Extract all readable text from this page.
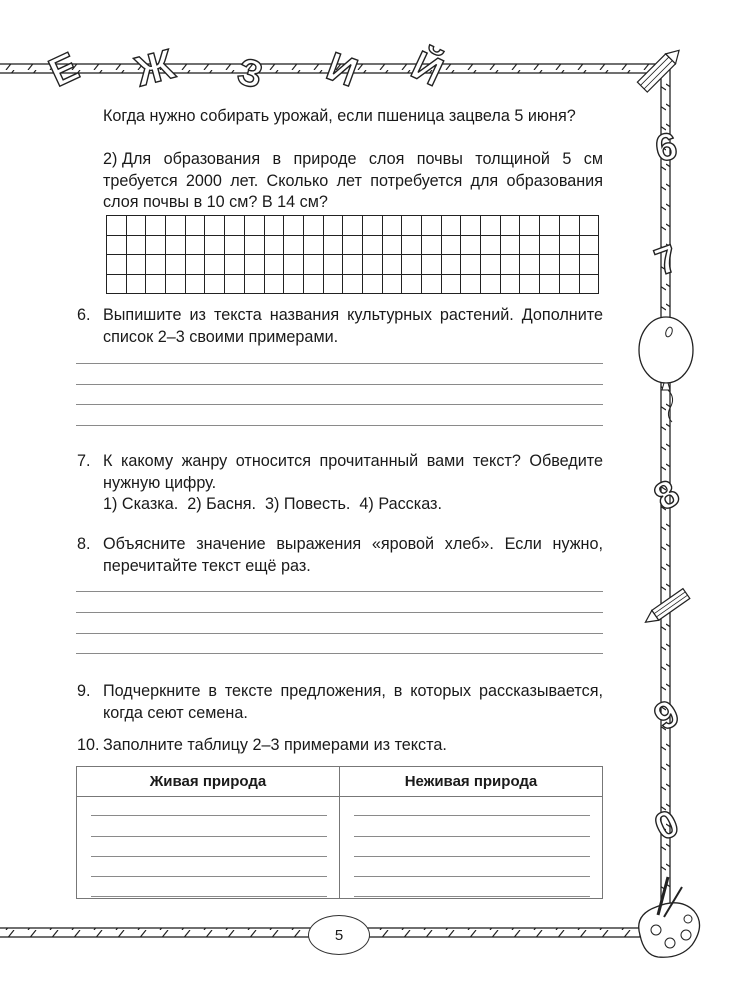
Е Ж З И Й
6
7
8
9
0
Когда нужно собирать урожай, если пшеница зацвела 5 июня?
2) Для образования в природе слоя почвы толщиной 5 см требуется 2000 лет. Сколько лет потребуется для образования слоя почвы в 10 см? В 14 см?

6. Выпишите из текста названия культурных растений. Дополните список 2–3 своими примерами.
7. К какому жанру относится прочитанный вами текст? Обведите нужную цифру.
1) Сказка. 2) Басня. 3) Повесть. 4) Рассказ.
8. Объясните значение выражения «яровой хлеб». Если нужно, перечитайте текст ещё раз.
9. Подчеркните в тексте предложения, в которых рассказывается, когда сеют семена.
10. Заполните таблицу 2–3 примерами из текста.
Живая природа	Неживая природа
5
